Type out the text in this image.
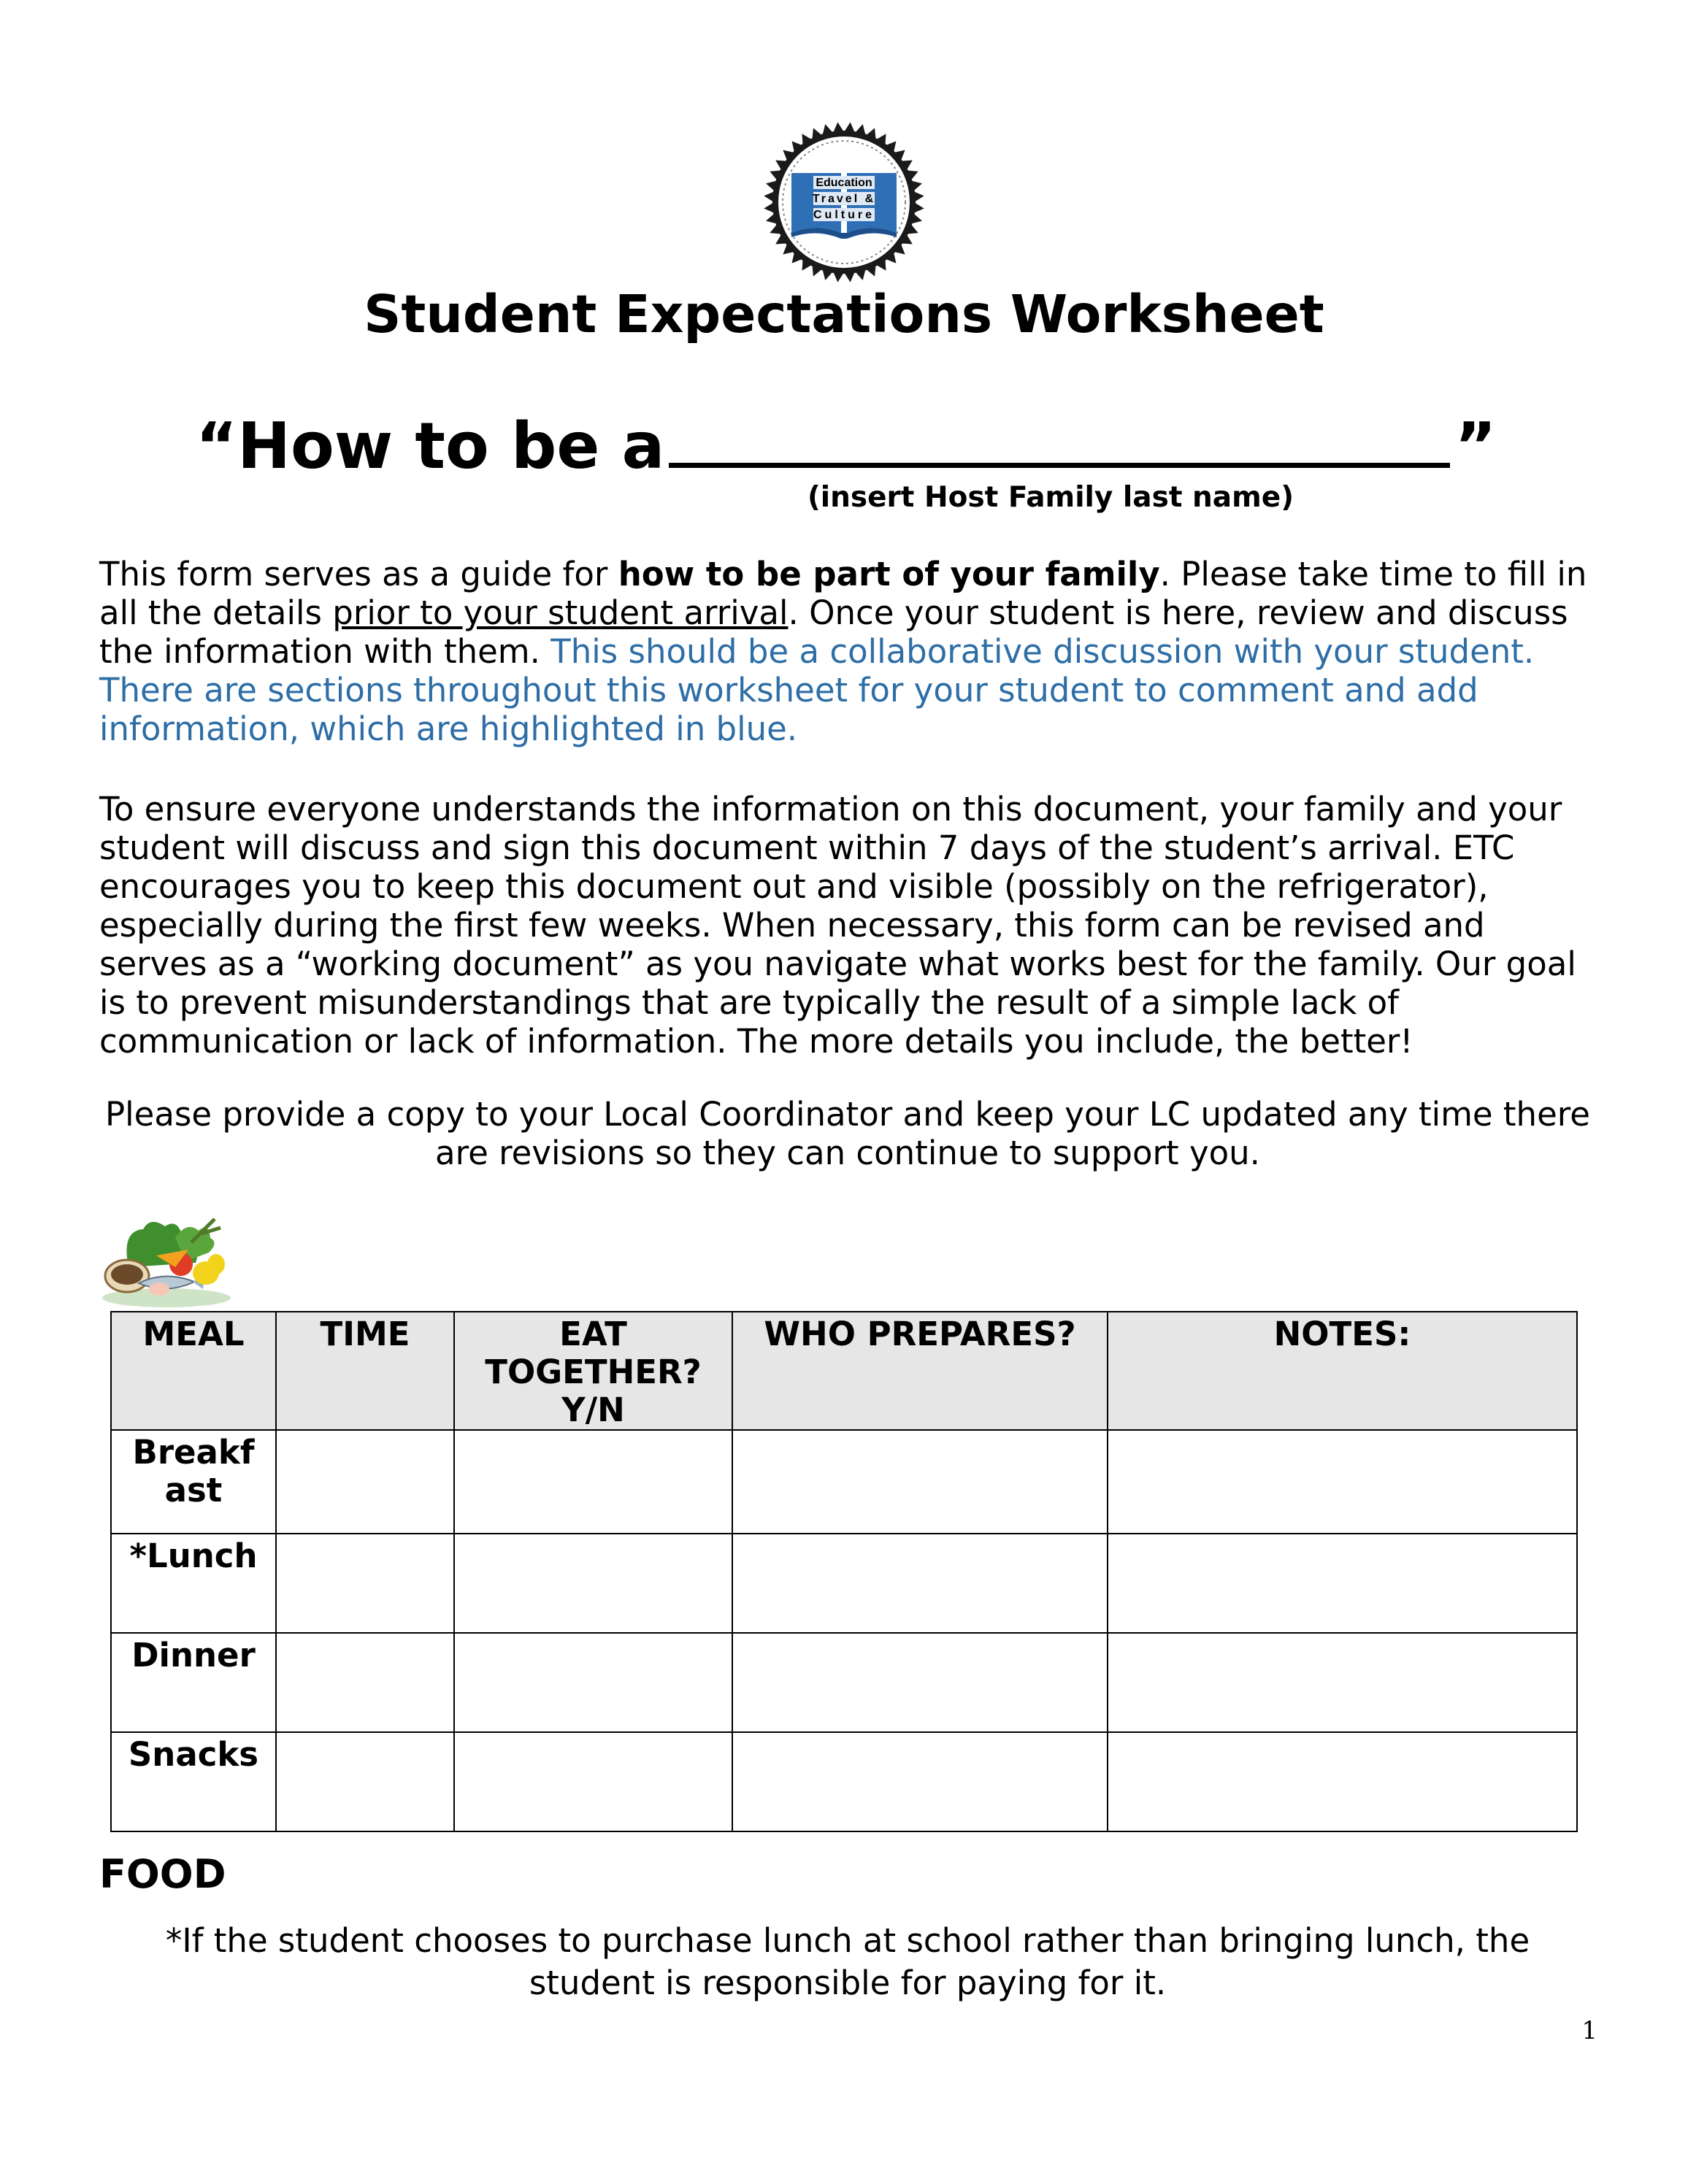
Education
Travel &
Culture
Student Expectations Worksheet
“How to be a	”
(insert Host Family last name)
This form serves as a guide for how to be part of your family. Please take time to fill in all the details prior to your student arrival. Once your student is here, review and discuss the information with them. This should be a collaborative discussion with your student. There are sections throughout this worksheet for your student to comment and add information, which are highlighted in blue.
To ensure everyone understands the information on this document, your family and your student will discuss and sign this document within 7 days of the student’s arrival. ETC encourages you to keep this document out and visible (possibly on the refrigerator), especially during the first few weeks. When necessary, this form can be revised and serves as a “working document” as you navigate what works best for the family. Our goal is to prevent misunderstandings that are typically the result of a simple lack of communication or lack of information. The more details you include, the better!
Please provide a copy to your Local Coordinator and keep your LC updated any time there are revisions so they can continue to support you.
MEAL	TIME	EAT TOGETHER? Y/N	WHO PREPARES?	NOTES:
Breakf ast				
*Lunch				
Dinner				
Snacks				
FOOD
*If the student chooses to purchase lunch at school rather than bringing lunch, the student is responsible for paying for it.
1
